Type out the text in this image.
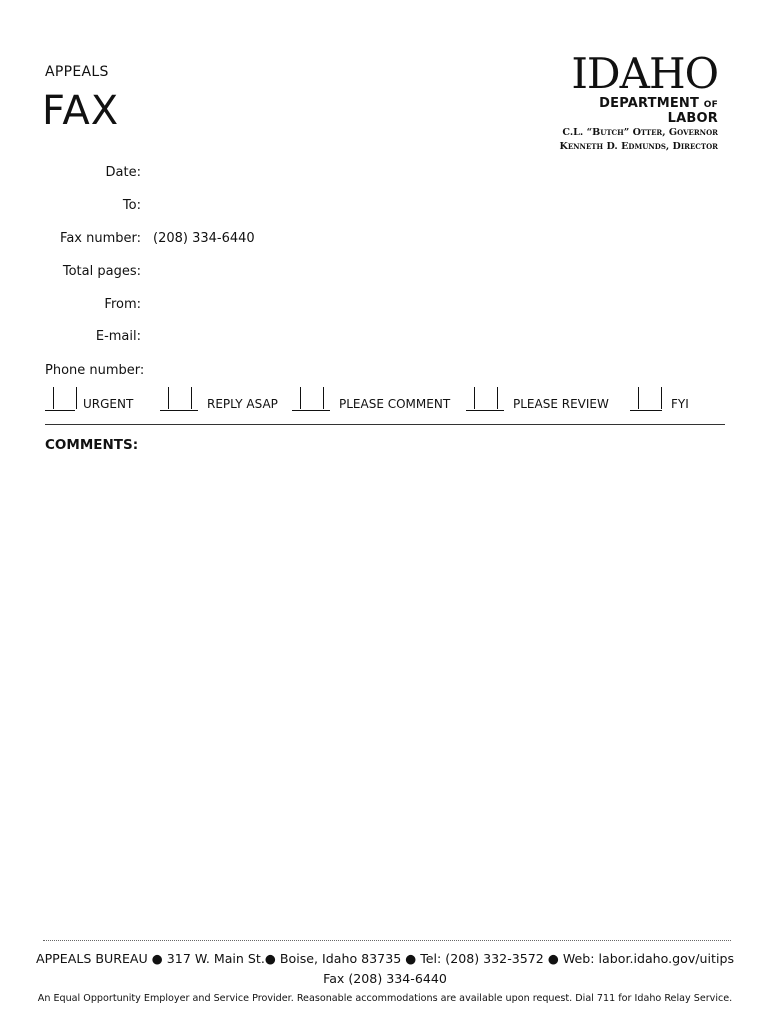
APPEALS
FAX
IDAHO
DEPARTMENT OF LABOR
C.L. “Butch” Otter, Governor
Kenneth D. Edmunds, Director
Date:
To:
Fax number: (208) 334-6440
Total pages:
From:
E-mail:
Phone number:
URGENT	REPLY ASAP	PLEASE COMMENT	PLEASE REVIEW	FYI
COMMENTS:
APPEALS BUREAU ● 317 W. Main St.● Boise, Idaho 83735 ● Tel: (208) 332-3572 ● Web: labor.idaho.gov/uitips
Fax (208) 334-6440
An Equal Opportunity Employer and Service Provider. Reasonable accommodations are available upon request. Dial 711 for Idaho Relay Service.
